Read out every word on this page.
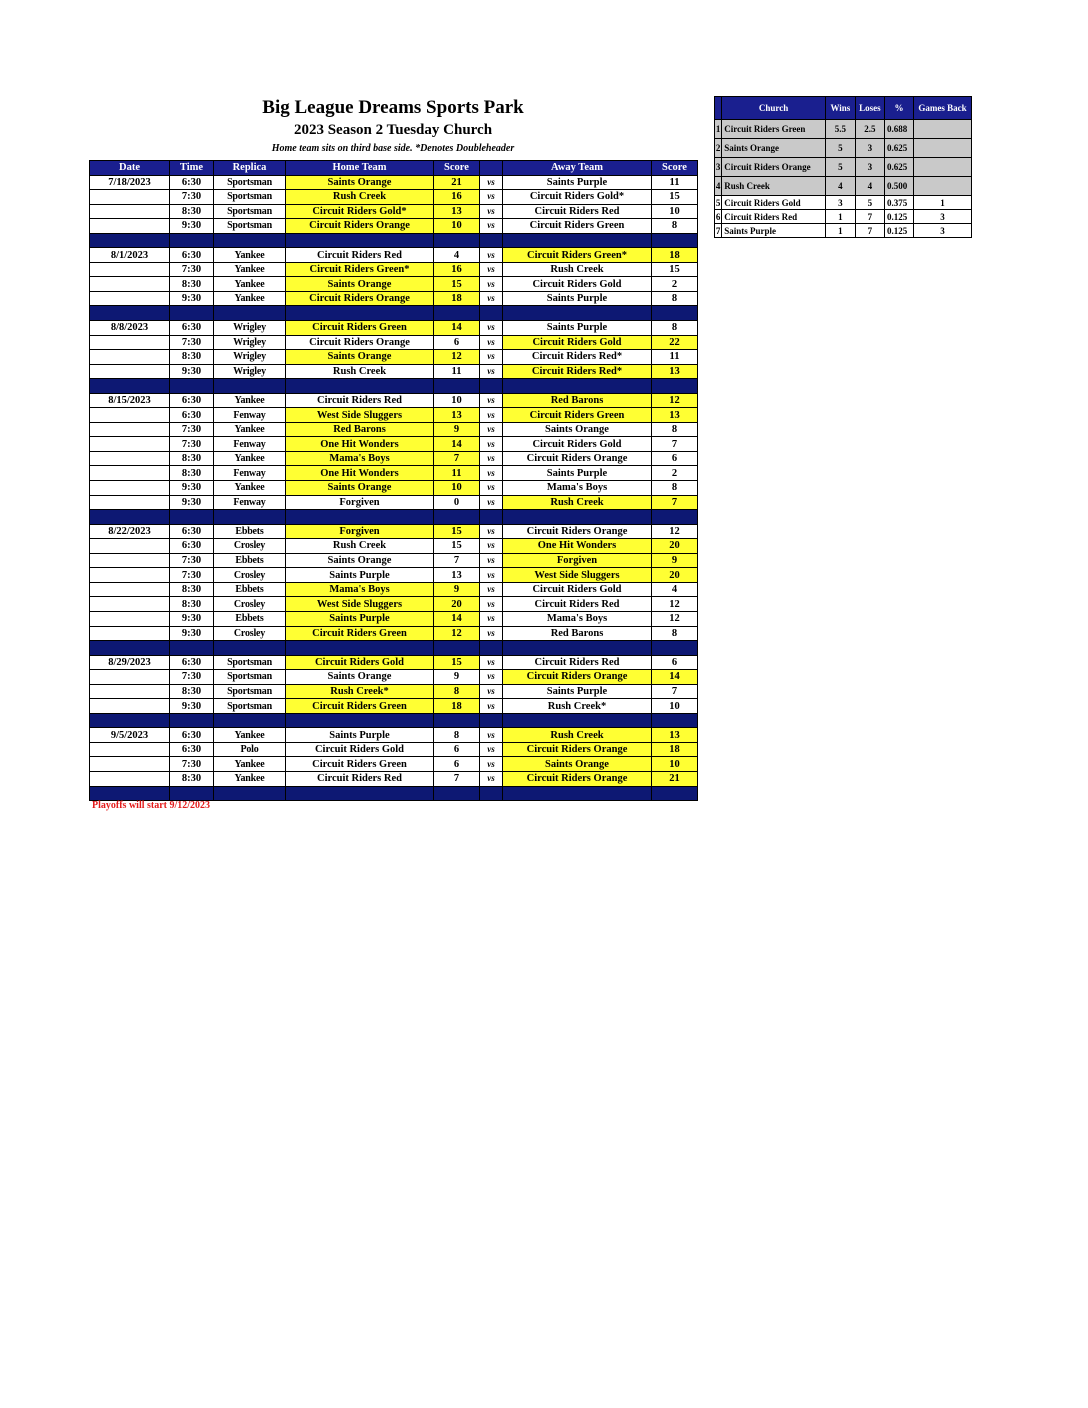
Big League Dreams Sports Park
2023 Season 2 Tuesday Church
Home team sits on third base side. *Denotes Doubleheader
Date	Time	Replica	Home Team	Score		Away Team	Score
7/18/2023	6:30	Sportsman	Saints Orange	21	vs	Saints Purple	11
	7:30	Sportsman	Rush Creek	16	vs	Circuit Riders Gold*	15
	8:30	Sportsman	Circuit Riders Gold*	13	vs	Circuit Riders Red	10
	9:30	Sportsman	Circuit Riders Orange	10	vs	Circuit Riders Green	8

8/1/2023	6:30	Yankee	Circuit Riders Red	4	vs	Circuit Riders Green*	18
	7:30	Yankee	Circuit Riders Green*	16	vs	Rush Creek	15
	8:30	Yankee	Saints Orange	15	vs	Circuit Riders Gold	2
	9:30	Yankee	Circuit Riders Orange	18	vs	Saints Purple	8

8/8/2023	6:30	Wrigley	Circuit Riders Green	14	vs	Saints Purple	8
	7:30	Wrigley	Circuit Riders Orange	6	vs	Circuit Riders Gold	22
	8:30	Wrigley	Saints Orange	12	vs	Circuit Riders Red*	11
	9:30	Wrigley	Rush Creek	11	vs	Circuit Riders Red*	13

8/15/2023	6:30	Yankee	Circuit Riders Red	10	vs	Red Barons	12
	6:30	Fenway	West Side Sluggers	13	vs	Circuit Riders Green	13
	7:30	Yankee	Red Barons	9	vs	Saints Orange	8
	7:30	Fenway	One Hit Wonders	14	vs	Circuit Riders Gold	7
	8:30	Yankee	Mama's Boys	7	vs	Circuit Riders Orange	6
	8:30	Fenway	One Hit Wonders	11	vs	Saints Purple	2
	9:30	Yankee	Saints Orange	10	vs	Mama's Boys	8
	9:30	Fenway	Forgiven	0	vs	Rush Creek	7

8/22/2023	6:30	Ebbets	Forgiven	15	vs	Circuit Riders Orange	12
	6:30	Crosley	Rush Creek	15	vs	One Hit Wonders	20
	7:30	Ebbets	Saints Orange	7	vs	Forgiven	9
	7:30	Crosley	Saints Purple	13	vs	West Side Sluggers	20
	8:30	Ebbets	Mama's Boys	9	vs	Circuit Riders Gold	4
	8:30	Crosley	West Side Sluggers	20	vs	Circuit Riders Red	12
	9:30	Ebbets	Saints Purple	14	vs	Mama's Boys	12
	9:30	Crosley	Circuit Riders Green	12	vs	Red Barons	8

8/29/2023	6:30	Sportsman	Circuit Riders Gold	15	vs	Circuit Riders Red	6
	7:30	Sportsman	Saints Orange	9	vs	Circuit Riders Orange	14
	8:30	Sportsman	Rush Creek*	8	vs	Saints Purple	7
	9:30	Sportsman	Circuit Riders Green	18	vs	Rush Creek*	10

9/5/2023	6:30	Yankee	Saints Purple	8	vs	Rush Creek	13
	6:30	Polo	Circuit Riders Gold	6	vs	Circuit Riders Orange	18
	7:30	Yankee	Circuit Riders Green	6	vs	Saints Orange	10
	8:30	Yankee	Circuit Riders Red	7	vs	Circuit Riders Orange	21

Playoffs will start 9/12/2023
	Church	Wins	Loses	%	Games Back
1	Circuit Riders Green	5.5	2.5	0.688	
2	Saints Orange	5	3	0.625	
3	Circuit Riders Orange	5	3	0.625	
4	Rush Creek	4	4	0.500	
5	Circuit Riders Gold	3	5	0.375	1
6	Circuit Riders Red	1	7	0.125	3
7	Saints Purple	1	7	0.125	3
